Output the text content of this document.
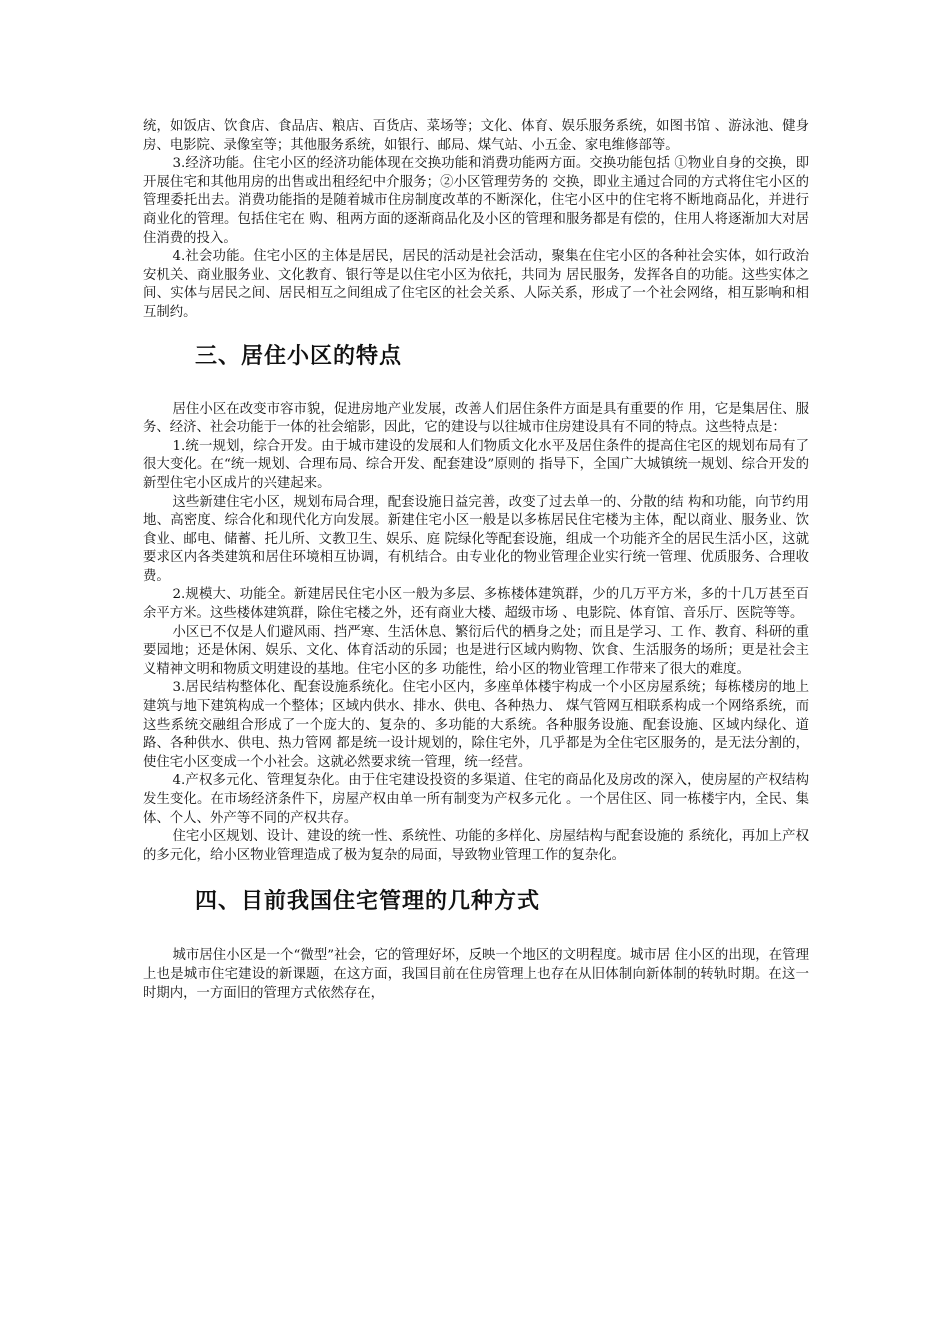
统，如饭店、饮食店、食品店、粮店、百货店、菜场等；文化、体育、娱乐服务系统，如图书馆 、游泳池、健身房、电影院、录像室等；其他服务系统，如银行、邮局、煤气站、小五金、家电维修部等。

3.经济功能。住宅小区的经济功能体现在交换功能和消费功能两方面。交换功能包括 ①物业自身的交换，即开展住宅和其他用房的出售或出租经纪中介服务；②小区管理劳务的 交换，即业主通过合同的方式将住宅小区的管理委托出去。消费功能指的是随着城市住房制度改革的不断深化，住宅小区中的住宅将不断地商品化，并进行商业化的管理。包括住宅在 购、租两方面的逐渐商品化及小区的管理和服务都是有偿的，住用人将逐渐加大对居住消费的投入。

4.社会功能。住宅小区的主体是居民，居民的活动是社会活动，聚集在住宅小区的各种社会实体，如行政治安机关、商业服务业、文化教育、银行等是以住宅小区为依托，共同为 居民服务，发挥各自的功能。这些实体之间、实体与居民之间、居民相互之间组成了住宅区的社会关系、人际关系，形成了一个社会网络，相互影响和相互制约。

三、居住小区的特点

居住小区在改变市容市貌，促进房地产业发展，改善人们居住条件方面是具有重要的作 用，它是集居住、服务、经济、社会功能于一体的社会缩影，因此，它的建设与以往城市住房建设具有不同的特点。这些特点是：

1.统一规划，综合开发。由于城市建设的发展和人们物质文化水平及居住条件的提高住宅区的规划布局有了很大变化。在“统一规划、合理布局、综合开发、配套建设”原则的 指导下，全国广大城镇统一规划、综合开发的新型住宅小区成片的兴建起来。

这些新建住宅小区，规划布局合理，配套设施日益完善，改变了过去单一的、分散的结 构和功能，向节约用地、高密度、综合化和现代化方向发展。新建住宅小区一般是以多栋居民住宅楼为主体，配以商业、服务业、饮食业、邮电、储蓄、托儿所、文教卫生、娱乐、庭 院绿化等配套设施，组成一个功能齐全的居民生活小区，这就要求区内各类建筑和居住环境相互协调，有机结合。由专业化的物业管理企业实行统一管理、优质服务、合理收费。

2.规模大、功能全。新建居民住宅小区一般为多层、多栋楼体建筑群，少的几万平方米，多的十几万甚至百余平方米。这些楼体建筑群，除住宅楼之外，还有商业大楼、超级市场 、电影院、体育馆、音乐厅、医院等等。

小区已不仅是人们避风雨、挡严寒、生活休息、繁衍后代的栖身之处；而且是学习、工 作、教育、科研的重要园地；还是休闲、娱乐、文化、体育活动的乐园；也是进行区域内购物、饮食、生活服务的场所；更是社会主义精神文明和物质文明建设的基地。住宅小区的多 功能性，给小区的物业管理工作带来了很大的难度。

3.居民结构整体化、配套设施系统化。住宅小区内，多座单体楼宇构成一个小区房屋系统；每栋楼房的地上建筑与地下建筑构成一个整体；区域内供水、排水、供电、各种热力、 煤气管网互相联系构成一个网络系统，而这些系统交融组合形成了一个庞大的、复杂的、多功能的大系统。各种服务设施、配套设施、区域内绿化、道路、各种供水、供电、热力管网 都是统一设计规划的，除住宅外，几乎都是为全住宅区服务的，是无法分割的，使住宅小区变成一个小社会。这就必然要求统一管理，统一经营。

4.产权多元化、管理复杂化。由于住宅建设投资的多渠道、住宅的商品化及房改的深入，使房屋的产权结构发生变化。在市场经济条件下，房屋产权由单一所有制变为产权多元化 。一个居住区、同一栋楼宇内，全民、集体、个人、外产等不同的产权共存。

住宅小区规划、设计、建设的统一性、系统性、功能的多样化、房屋结构与配套设施的 系统化，再加上产权的多元化，给小区物业管理造成了极为复杂的局面，导致物业管理工作的复杂化。

四、目前我国住宅管理的几种方式

城市居住小区是一个“微型”社会，它的管理好坏，反映一个地区的文明程度。城市居 住小区的出现，在管理上也是城市住宅建设的新课题，在这方面，我国目前在住房管理上也存在从旧体制向新体制的转轨时期。在这一时期内，一方面旧的管理方式依然存在，
